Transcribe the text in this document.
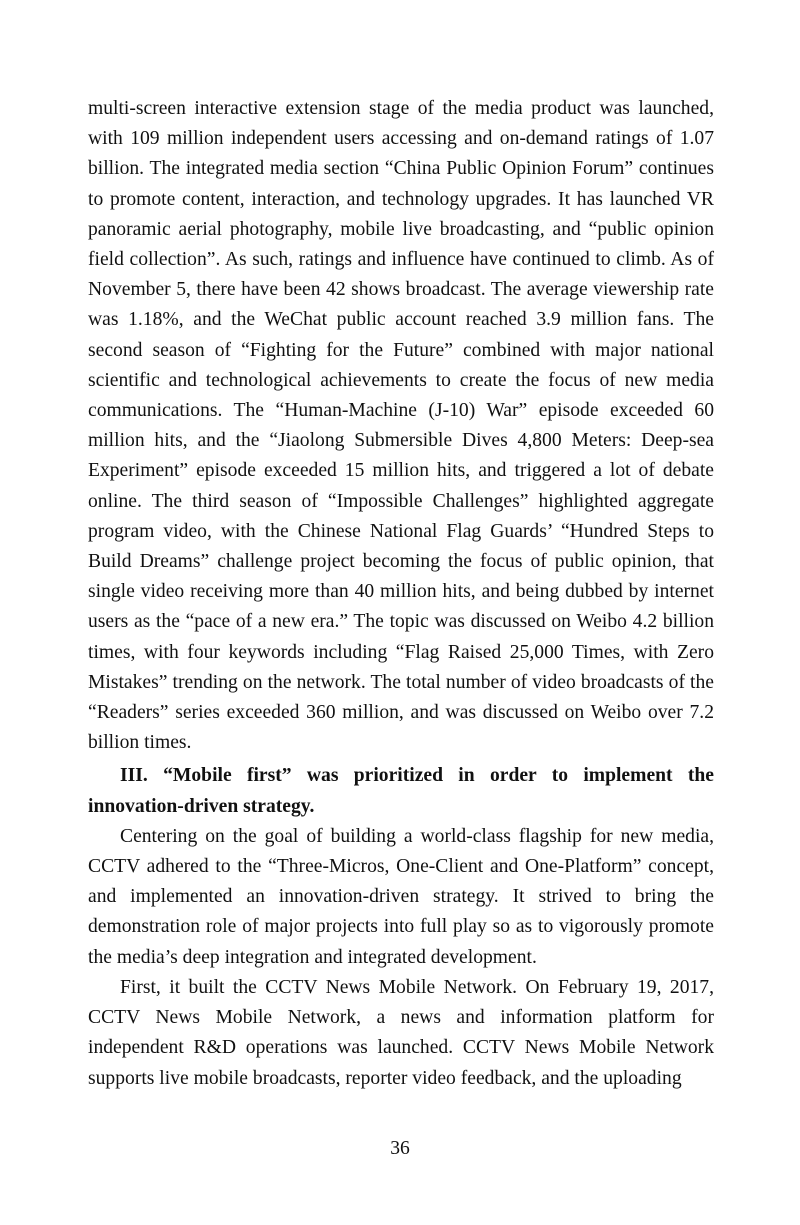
multi-screen interactive extension stage of the media product was launched, with 109 million independent users accessing and on-demand ratings of 1.07 billion. The integrated media section “China Public Opinion Forum” continues to promote content, interaction, and technology upgrades. It has launched VR panoramic aerial photography, mobile live broadcasting, and “public opinion field collection”. As such, ratings and influence have continued to climb. As of November 5, there have been 42 shows broadcast. The average viewership rate was 1.18%, and the WeChat public account reached 3.9 million fans. The second season of “Fighting for the Future” combined with major national scientific and technological achievements to create the focus of new media communications. The “Human-Machine (J-10) War” episode exceeded 60 million hits, and the “Jiaolong Submersible Dives 4,800 Meters: Deep-sea Experiment” episode exceeded 15 million hits, and triggered a lot of debate online. The third season of “Impossible Challenges” highlighted aggregate program video, with the Chinese National Flag Guards’ “Hundred Steps to Build Dreams” challenge project becoming the focus of public opinion, that single video receiving more than 40 million hits, and being dubbed by internet users as the “pace of a new era.” The topic was discussed on Weibo 4.2 billion times, with four keywords including “Flag Raised 25,000 Times, with Zero Mistakes” trending on the network. The total number of video broadcasts of the “Readers” series exceeded 360 million, and was discussed on Weibo over 7.2 billion times.

III. “Mobile first” was prioritized in order to implement the innovation-driven strategy.

Centering on the goal of building a world-class flagship for new media, CCTV adhered to the “Three-Micros, One-Client and One-Platform” concept, and implemented an innovation-driven strategy. It strived to bring the demonstration role of major projects into full play so as to vigorously promote the media’s deep integration and integrated development.

First, it built the CCTV News Mobile Network. On February 19, 2017, CCTV News Mobile Network, a news and information platform for independent R&D operations was launched. CCTV News Mobile Network supports live mobile broadcasts, reporter video feedback, and the uploading

36
